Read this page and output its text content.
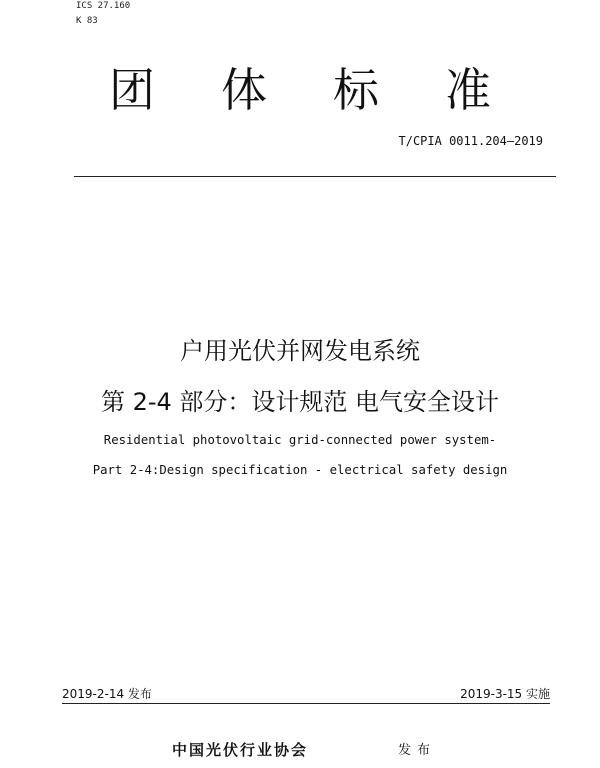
ICS 27.160
K 83
团 体 标 准
T/CPIA 0011.204—2019
户用光伏并网发电系统
第 2-4 部分：设计规范 电气安全设计
Residential photovoltaic grid-connected power system-
Part 2-4:Design specification - electrical safety design
2019-2-14 发布	2019-3-15 实施
中国光伏行业协会	发布
